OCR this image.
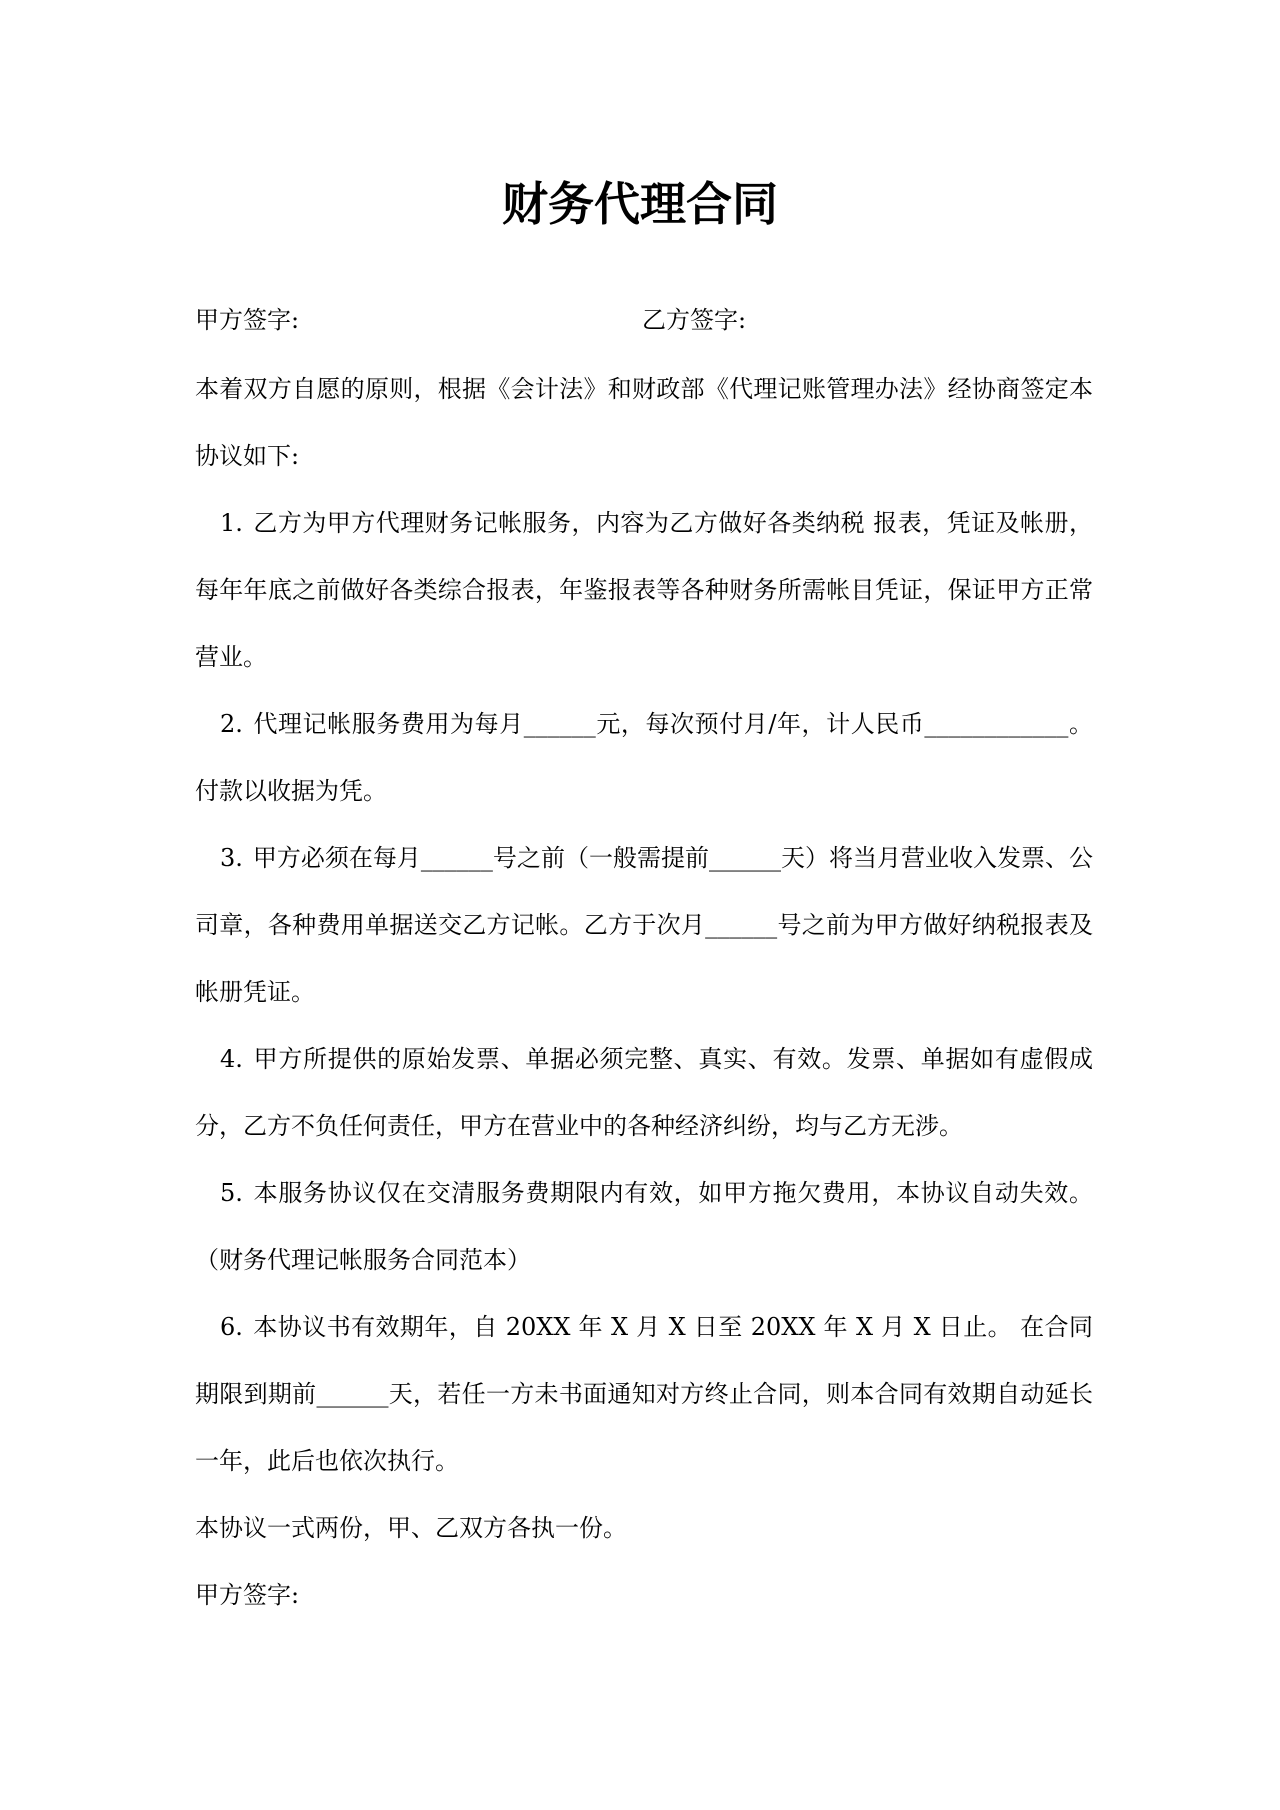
财务代理合同
甲方签字:	乙方签字:

本着双方自愿的原则，根据《会计法》和财政部《代理记账管理办法》经协商签定本协议如下:

1. 乙方为甲方代理财务记帐服务，内容为乙方做好各类纳税 报表，凭证及帐册，每年年底之前做好各类综合报表，年鉴报表等各种财务所需帐目凭证，保证甲方正常营业。

2. 代理记帐服务费用为每月______元，每次预付月/年，计人民币____________。付款以收据为凭。

3. 甲方必须在每月______号之前（一般需提前______天）将当月营业收入发票、公司章，各种费用单据送交乙方记帐。乙方于次月______号之前为甲方做好纳税报表及帐册凭证。

4. 甲方所提供的原始发票、单据必须完整、真实、有效。发票、单据如有虚假成分，乙方不负任何责任，甲方在营业中的各种经济纠纷，均与乙方无涉。

5. 本服务协议仅在交清服务费期限内有效，如甲方拖欠费用，本协议自动失效。（财务代理记帐服务合同范本）

6. 本协议书有效期年，自 20XX 年 X 月 X 日至 20XX 年 X 月 X 日止。 在合同期限到期前______天，若任一方未书面通知对方终止合同，则本合同有效期自动延长一年，此后也依次执行。

本协议一式两份，甲、乙双方各执一份。

甲方签字:
